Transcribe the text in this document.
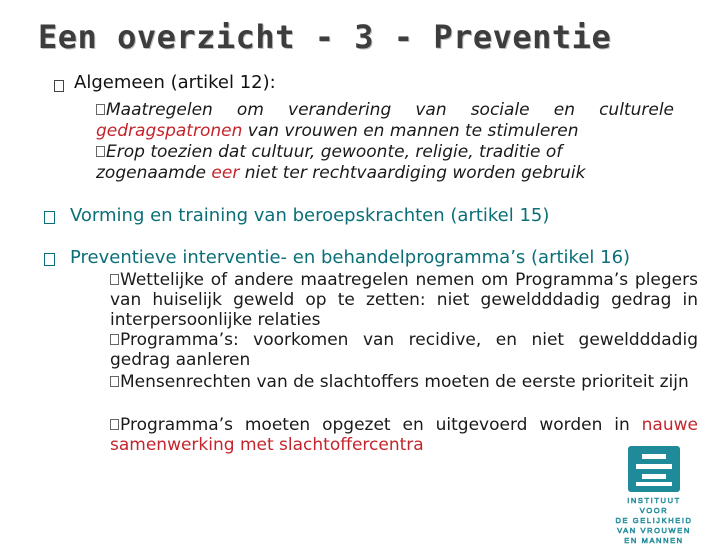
Een overzicht - 3 - Preventie
Algemeen (artikel 12):
Maatregelen om verandering van sociale en culturele gedragspatronen van vrouwen en mannen te stimuleren
Erop toezien dat cultuur, gewoonte, religie, traditie of zogenaamde eer niet ter rechtvaardiging worden gebruik
Vorming en training van beroepskrachten (artikel 15)
Preventieve interventie- en behandelprogramma’s (artikel 16)
Wettelijke of andere maatregelen nemen om Programma’s plegers van huiselijk geweld op te zetten: niet geweldddadig gedrag in interpersoonlijke relaties
Programma’s: voorkomen van recidive, en niet geweldddadig gedrag aanleren
Mensenrechten van de slachtoffers moeten de eerste prioriteit zijn
Programma’s moeten opgezet en uitgevoerd worden in nauwe samenwerking met slachtoffercentra
INSTITUUT VOOR
DE GELIJKHEID
VAN VROUWEN
EN MANNEN
